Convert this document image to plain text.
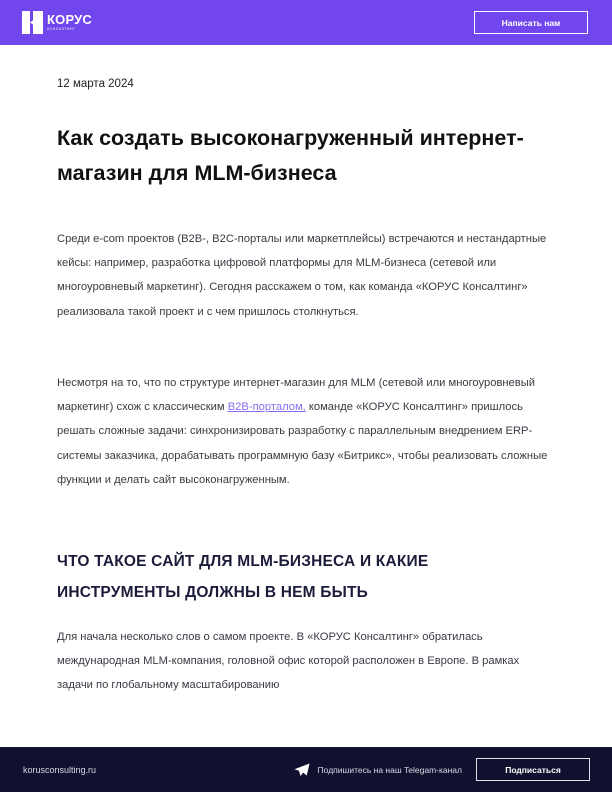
КОРУС
КОНСАЛТИНГ
Написать нам
12 марта 2024
Как создать высоконагруженный интернет-магазин для MLM-бизнеса

Среди e-com проектов (B2B-, B2C-порталы или маркетплейсы) встречаются и нестандартные кейсы: например, разработка цифровой платформы для MLM-бизнеса (сетевой или многоуровневый маркетинг). Сегодня расскажем о том, как команда «КОРУС Консалтинг» реализовала такой проект и с чем пришлось столкнуться.

Несмотря на то, что по структуре интернет-магазин для MLM (сетевой или многоуровневый маркетинг) схож с классическим B2B-порталом, команде «КОРУС Консалтинг» пришлось решать сложные задачи: синхронизировать разработку с параллельным внедрением ERP-системы заказчика, дорабатывать программную базу «Битрикс», чтобы реализовать сложные функции и делать сайт высоконагруженным.

ЧТО ТАКОЕ САЙТ ДЛЯ MLM-БИЗНЕСА И КАКИЕ ИНСТРУМЕНТЫ ДОЛЖНЫ В НЕМ БЫТЬ

Для начала несколько слов о самом проекте. В «КОРУС Консалтинг» обратилась международная MLM-компания, головной офис которой расположен в Европе. В рамках задачи по глобальному масштабированию

korusconsulting.ru	Подпишитесь на наш Telegam-канал	Подписаться
